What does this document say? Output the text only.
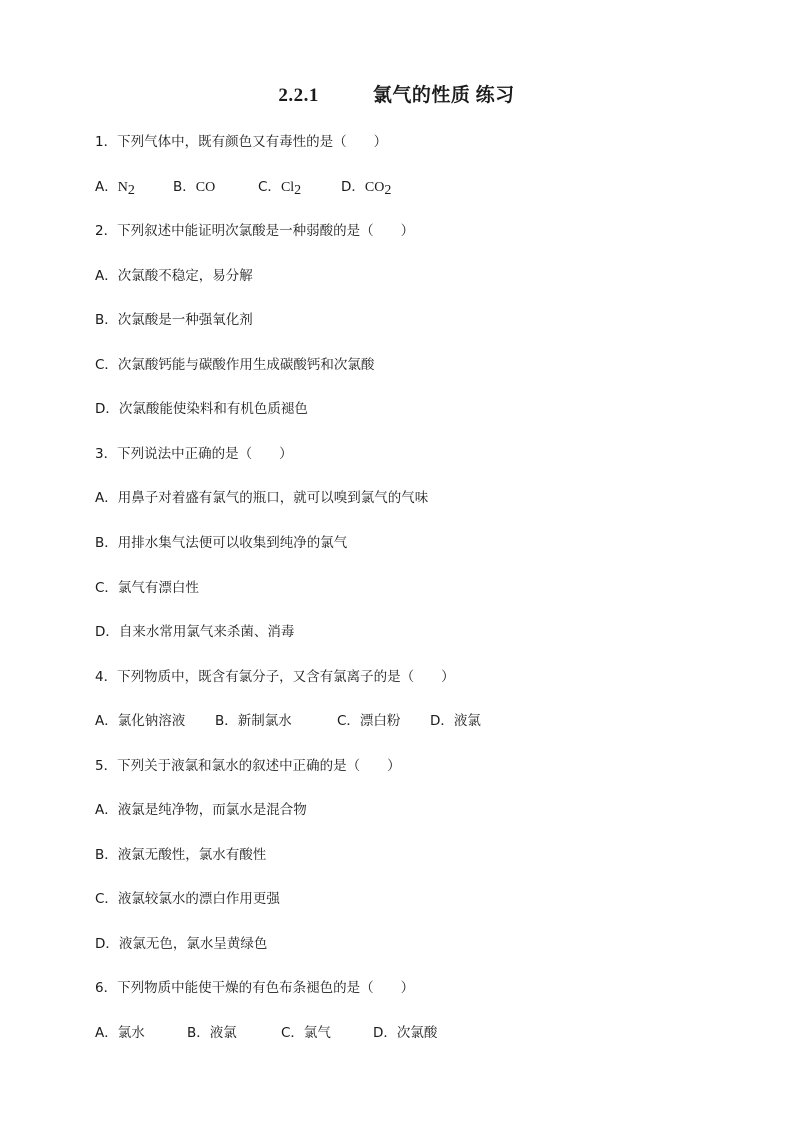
2.2.1	氯气的性质 练习
1．下列气体中，既有颜色又有毒性的是（　　）
A．N2	B．CO	C．Cl2	D．CO2
2．下列叙述中能证明次氯酸是一种弱酸的是（　　）
A．次氯酸不稳定，易分解
B．次氯酸是一种强氧化剂
C．次氯酸钙能与碳酸作用生成碳酸钙和次氯酸
D．次氯酸能使染料和有机色质褪色
3．下列说法中正确的是（　　）
A．用鼻子对着盛有氯气的瓶口，就可以嗅到氯气的气味
B．用排水集气法便可以收集到纯净的氯气
C．氯气有漂白性
D．自来水常用氯气来杀菌、消毒
4．下列物质中，既含有氯分子，又含有氯离子的是（　　）
A．氯化钠溶液 B．新制氯水	C．漂白粉 D．液氯
5．下列关于液氯和氯水的叙述中正确的是（　　）
A．液氯是纯净物，而氯水是混合物
B．液氯无酸性，氯水有酸性
C．液氯较氯水的漂白作用更强
D．液氯无色，氯水呈黄绿色
6．下列物质中能使干燥的有色布条褪色的是（　　）
A．氯水	B．液氯	C．氯气	D．次氯酸
